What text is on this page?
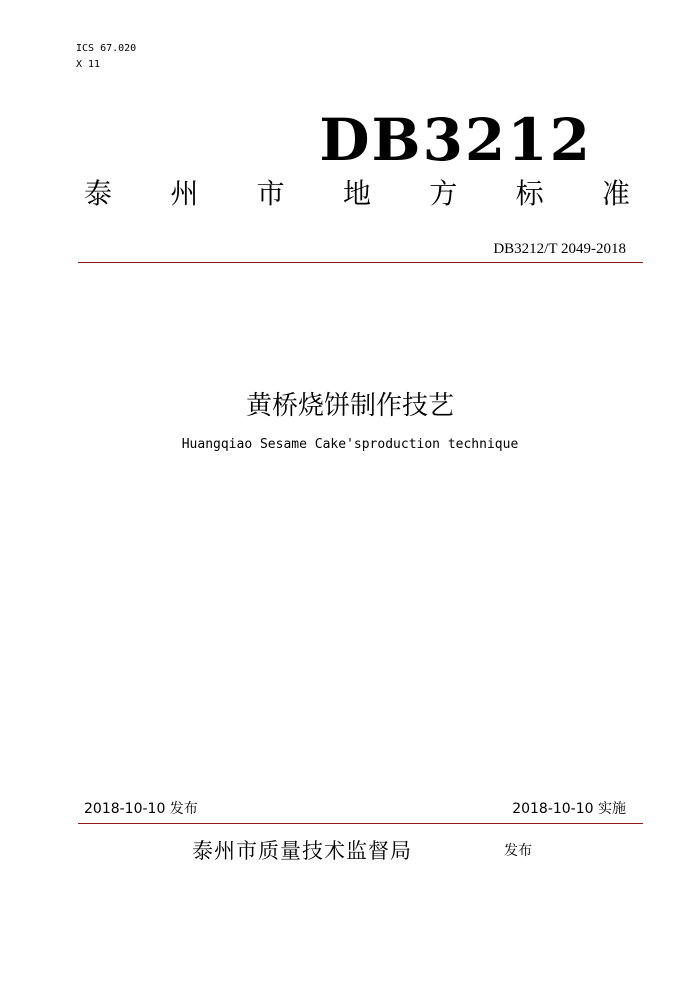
ICS 67.020
X 11
DB3212
泰 州 市 地 方 标 准
DB3212/T 2049-2018
黄桥烧饼制作技艺
Huangqiao Sesame Cake'sproduction technique
2018-10-10 发布	2018-10-10 实施
泰州市质量技术监督局	发布
